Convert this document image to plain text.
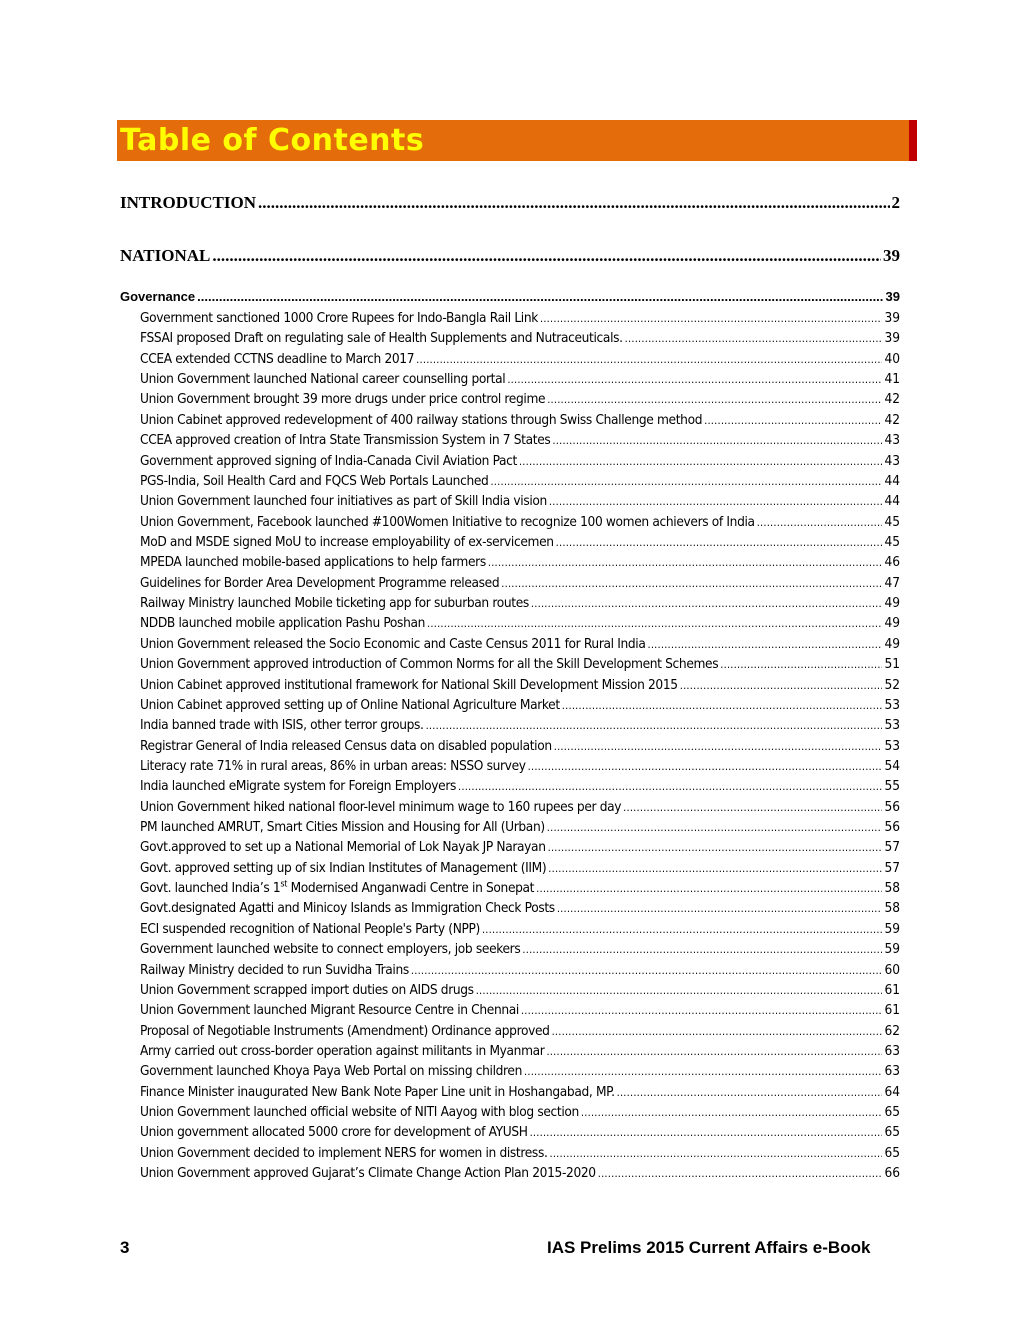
Table of Contents
INTRODUCTION .....	2
NATIONAL .....	39
Governance .....	39
Government sanctioned 1000 Crore Rupees for Indo-Bangla Rail Link .....	39
FSSAI proposed Draft on regulating sale of Health Supplements and Nutraceuticals. .....	39
CCEA extended CCTNS deadline to March 2017 .....	40
Union Government launched National career counselling portal .....	41
Union Government brought 39 more drugs under price control regime .....	42
Union Cabinet approved redevelopment of 400 railway stations through Swiss Challenge method .....	42
CCEA approved creation of Intra State Transmission System in 7 States .....	43
Government approved signing of India-Canada Civil Aviation Pact .....	43
PGS-India, Soil Health Card and FQCS Web Portals Launched .....	44
Union Government launched four initiatives as part of Skill India vision .....	44
Union Government, Facebook launched #100Women Initiative to recognize 100 women achievers of India .....	45
MoD and MSDE signed MoU to increase employability of ex-servicemen .....	45
MPEDA launched mobile-based applications to help farmers .....	46
Guidelines for Border Area Development Programme released .....	47
Railway Ministry launched Mobile ticketing app for suburban routes .....	49
NDDB launched mobile application Pashu Poshan .....	49
Union Government released the Socio Economic and Caste Census 2011 for Rural India .....	49
Union Government approved introduction of Common Norms for all the Skill Development Schemes .....	51
Union Cabinet approved institutional framework for National Skill Development Mission 2015 .....	52
Union Cabinet approved setting up of Online National Agriculture Market .....	53
India banned trade with ISIS, other terror groups. .....	53
Registrar General of India released Census data on disabled population .....	53
Literacy rate 71% in rural areas, 86% in urban areas: NSSO survey .....	54
India launched eMigrate system for Foreign Employers .....	55
Union Government hiked national floor-level minimum wage to 160 rupees per day .....	56
PM launched AMRUT, Smart Cities Mission and Housing for All (Urban) .....	56
Govt.approved to set up a National Memorial of Lok Nayak JP Narayan .....	57
Govt. approved setting up of six Indian Institutes of Management (IIM) .....	57
Govt. launched India’s 1st Modernised Anganwadi Centre in Sonepat .....	58
Govt.designated Agatti and Minicoy Islands as Immigration Check Posts .....	58
ECI suspended recognition of National People's Party (NPP) .....	59
Government launched website to connect employers, job seekers .....	59
Railway Ministry decided to run Suvidha Trains .....	60
Union Government scrapped import duties on AIDS drugs .....	61
Union Government launched Migrant Resource Centre in Chennai .....	61
Proposal of Negotiable Instruments (Amendment) Ordinance approved .....	62
Army carried out cross-border operation against militants in Myanmar .....	63
Government launched Khoya Paya Web Portal on missing children .....	63
Finance Minister inaugurated New Bank Note Paper Line unit in Hoshangabad, MP. .....	64
Union Government launched official website of NITI Aayog with blog section .....	65
Union government allocated 5000 crore for development of AYUSH .....	65
Union Government decided to implement NERS for women in distress. .....	65
Union Government approved Gujarat’s Climate Change Action Plan 2015-2020 .....	66
3	IAS Prelims 2015 Current Affairs e-Book
